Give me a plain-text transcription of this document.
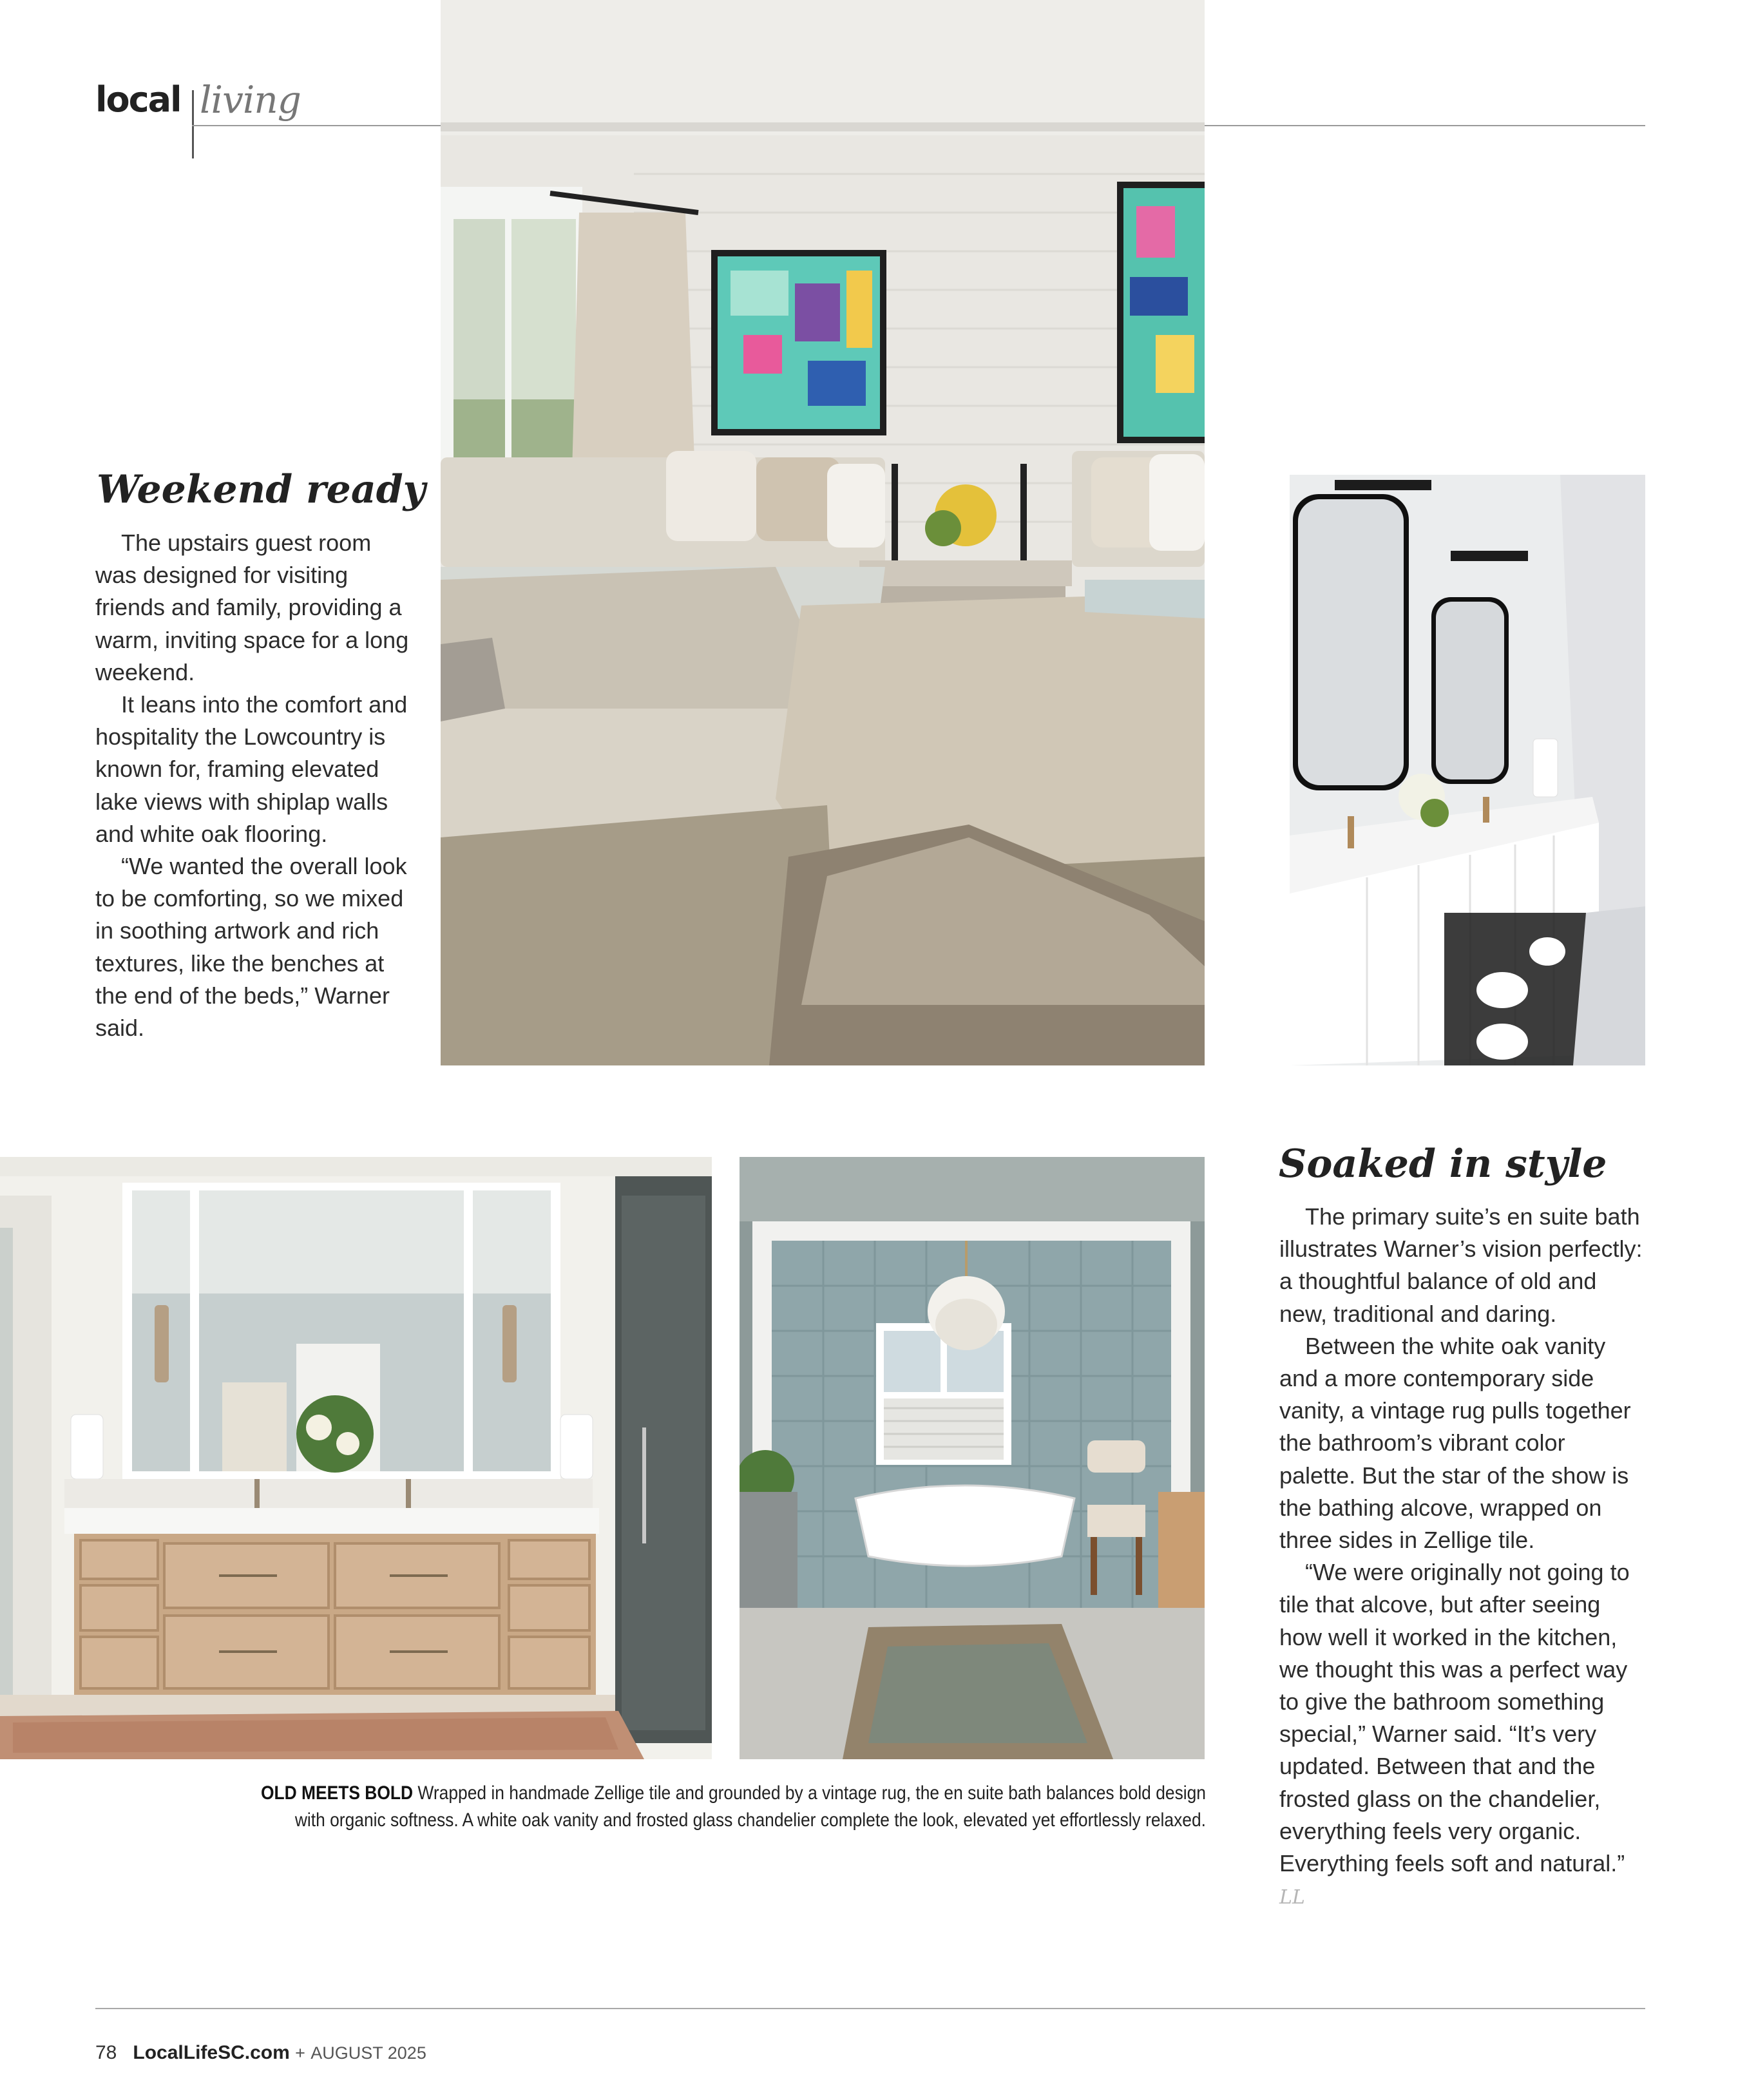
local living
Weekend ready

The upstairs guest room was designed for visiting friends and family, providing a warm, inviting space for a long weekend.

It leans into the comfort and hospitality the Lowcountry is known for, framing elevated lake views with shiplap walls and white oak flooring.

“We wanted the overall look to be comforting, so we mixed in soothing artwork and rich textures, like the benches at the end of the beds,” Warner said.

Soaked in style

The primary suite’s en suite bath illustrates Warner’s vision perfectly: a thoughtful balance of old and new, traditional and daring.

Between the white oak vanity and a more contemporary side vanity, a vintage rug pulls together the bathroom’s vibrant color palette. But the star of the show is the bathing alcove, wrapped on three sides in Zellige tile.

“We were originally not going to tile that alcove, but after seeing how well it worked in the kitchen, we thought this was a perfect way to give the bathroom something special,” Warner said. “It’s very updated. Between that and the frosted glass on the chandelier, everything feels very organic. Everything feels soft and natural.” LL

OLD MEETS BOLD Wrapped in handmade Zellige tile and grounded by a vintage rug, the en suite bath balances bold design with organic softness. A white oak vanity and frosted glass chandelier complete the look, elevated yet effortlessly relaxed.
78 LocalLifeSC.com + AUGUST 2025
